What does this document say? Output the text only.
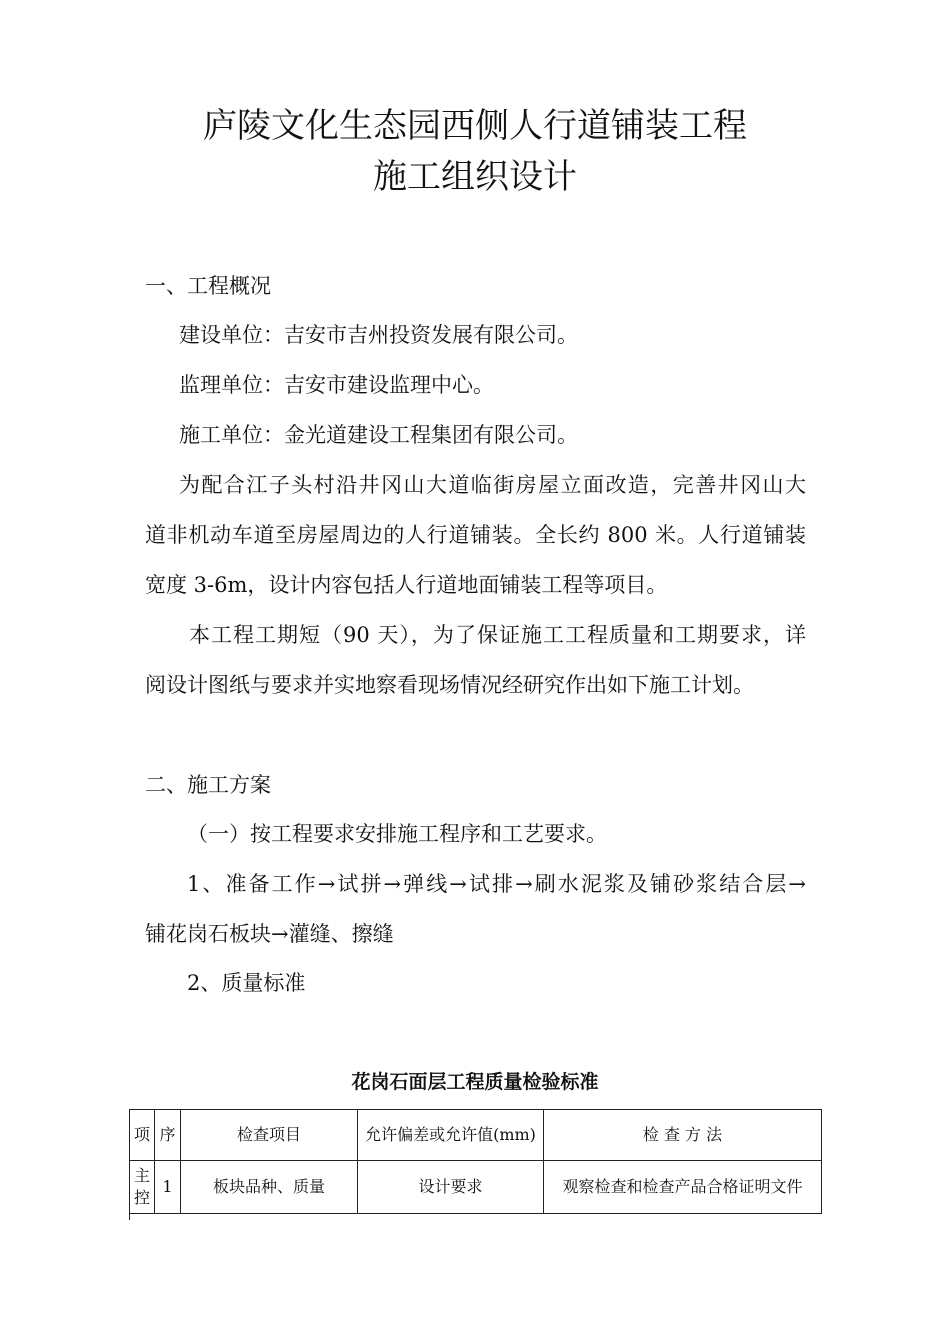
庐陵文化生态园西侧人行道铺装工程
施工组织设计
一、工程概况
建设单位：吉安市吉州投资发展有限公司。
监理单位：吉安市建设监理中心。
施工单位：金光道建设工程集团有限公司。
为配合江子头村沿井冈山大道临街房屋立面改造，完善井冈山大
道非机动车道至房屋周边的人行道铺装。全长约 800 米。人行道铺装
宽度 3-6m，设计内容包括人行道地面铺装工程等项目。
本工程工期短（90 天），为了保证施工工程质量和工期要求，详
阅设计图纸与要求并实地察看现场情况经研究作出如下施工计划。
二、施工方案
（一）按工程要求安排施工程序和工艺要求。
1、准备工作→试拼→弹线→试排→刷水泥浆及铺砂浆结合层→
铺花岗石板块→灌缝、擦缝
2、质量标准
花岗石面层工程质量检验标准
项	序	检查项目	允许偏差或允许值(mm)	检 查 方 法
主控	1	板块品种、质量	设计要求	观察检查和检查产品合格证明文件
